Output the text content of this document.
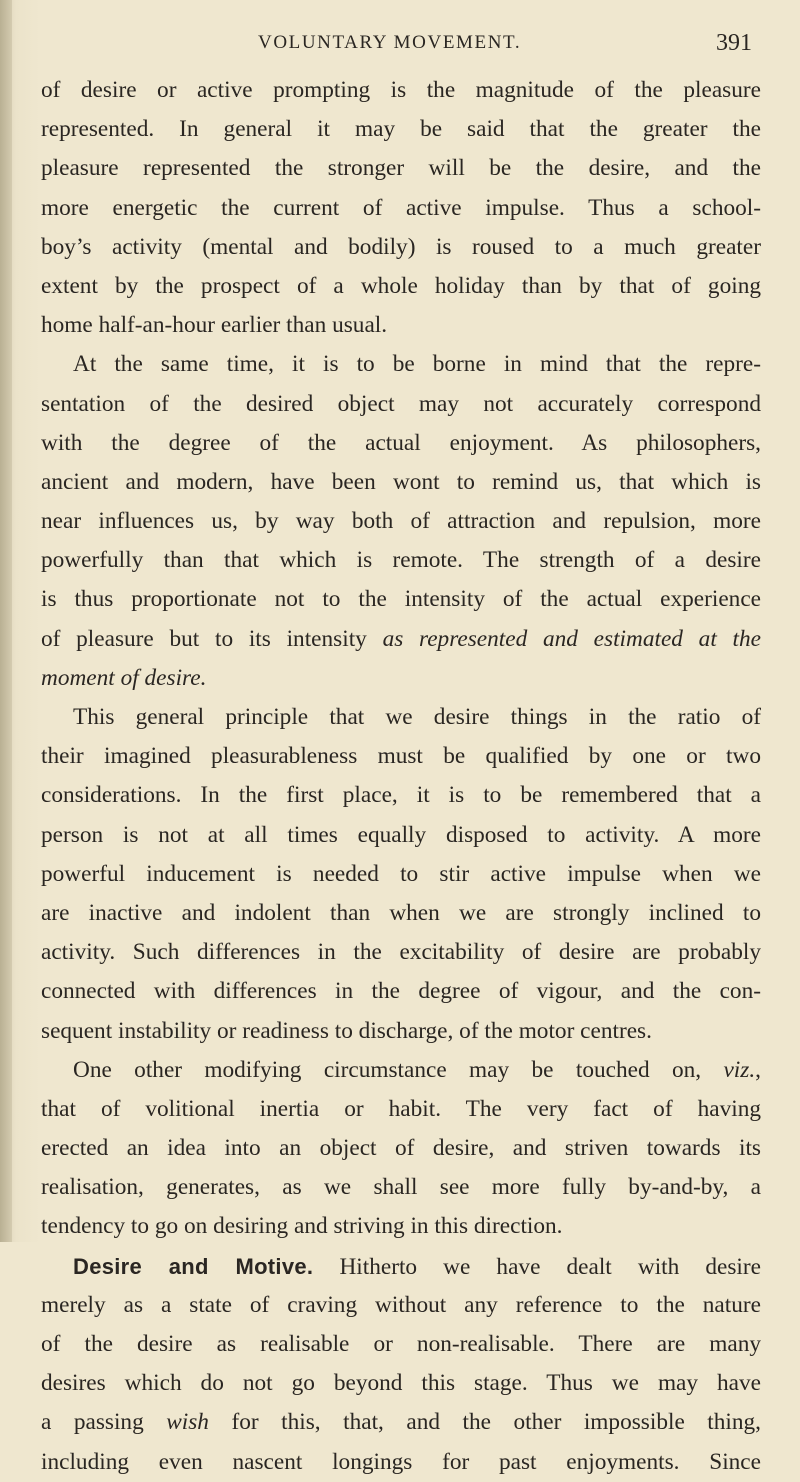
VOLUNTARY MOVEMENT.	391
of desire or active prompting is the magnitude of the pleasure
represented. In general it may be said that the greater the
pleasure represented the stronger will be the desire, and the
more energetic the current of active impulse. Thus a school-
boy’s activity (mental and bodily) is roused to a much greater
extent by the prospect of a whole holiday than by that of going
home half-an-hour earlier than usual.
At the same time, it is to be borne in mind that the repre-
sentation of the desired object may not accurately correspond
with the degree of the actual enjoyment. As philosophers,
ancient and modern, have been wont to remind us, that which is
near influences us, by way both of attraction and repulsion, more
powerfully than that which is remote. The strength of a desire
is thus proportionate not to the intensity of the actual experience
of pleasure but to its intensity as represented and estimated at the
moment of desire.
This general principle that we desire things in the ratio of
their imagined pleasurableness must be qualified by one or two
considerations. In the first place, it is to be remembered that a
person is not at all times equally disposed to activity. A more
powerful inducement is needed to stir active impulse when we
are inactive and indolent than when we are strongly inclined to
activity. Such differences in the excitability of desire are probably
connected with differences in the degree of vigour, and the con-
sequent instability or readiness to discharge, of the motor centres.
One other modifying circumstance may be touched on, viz.,
that of volitional inertia or habit. The very fact of having
erected an idea into an object of desire, and striven towards its
realisation, generates, as we shall see more fully by-and-by, a
tendency to go on desiring and striving in this direction.
Desire and Motive. Hitherto we have dealt with desire
merely as a state of craving without any reference to the nature
of the desire as realisable or non-realisable. There are many
desires which do not go beyond this stage. Thus we may have
a passing wish for this, that, and the other impossible thing,
including even nascent longings for past enjoyments. Since
